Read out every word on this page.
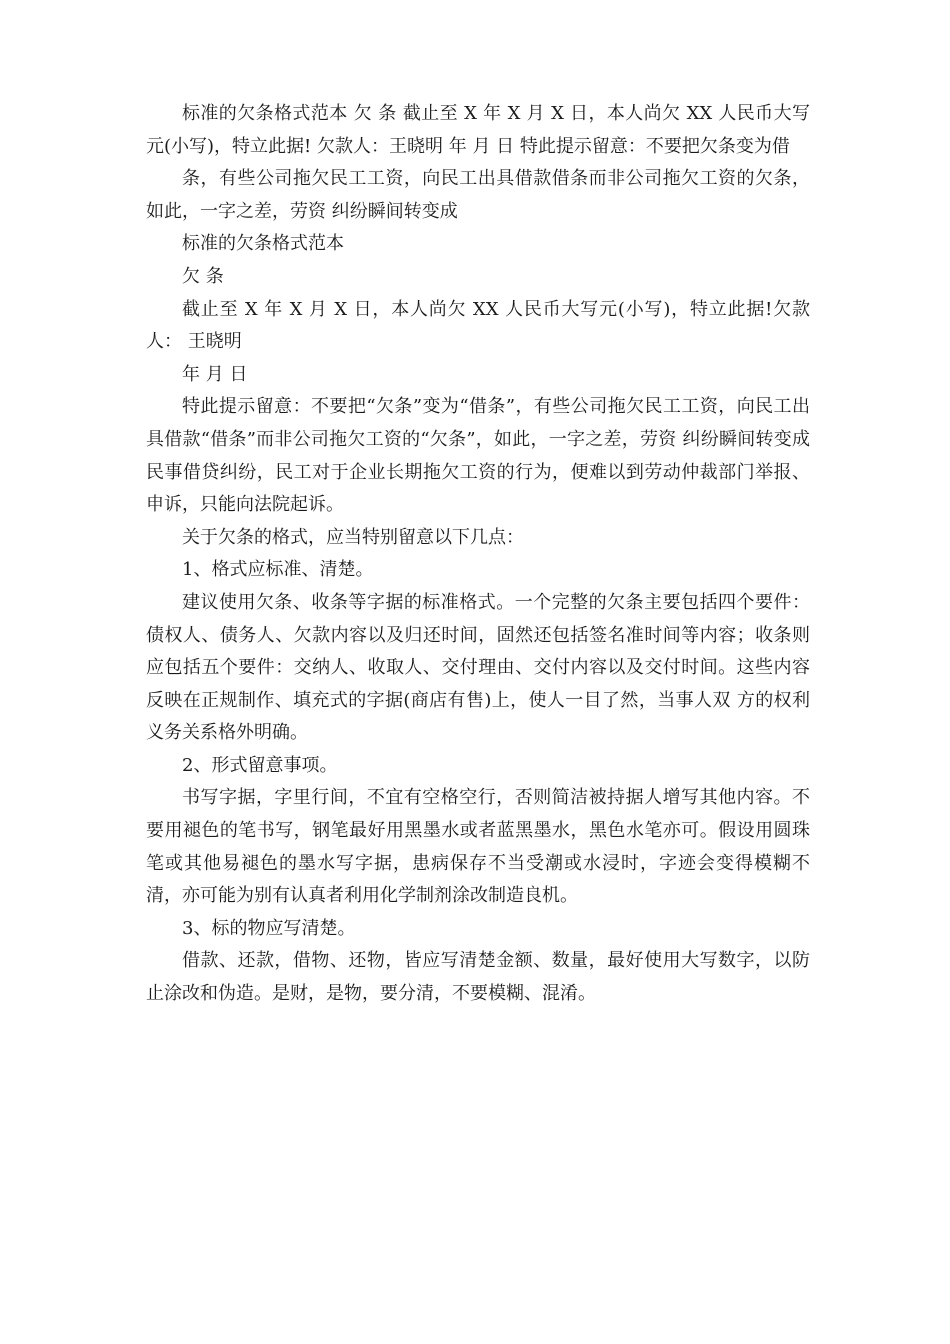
标准的欠条格式范本 欠 条 截止至 X 年 X 月 X 日，本人尚欠 XX 人民币大写元(小写)，特立此据! 欠款人：王晓明 年 月 日 特此提示留意：不要把欠条变为借

条，有些公司拖欠民工工资，向民工出具借款借条而非公司拖欠工资的欠条，如此，一字之差，劳资 纠纷瞬间转变成

标准的欠条格式范本

欠 条

截止至 X 年 X 月 X 日，本人尚欠 XX 人民币大写元(小写)，特立此据!欠款人： 王晓明

年 月 日

特此提示留意：不要把“欠条”变为“借条”，有些公司拖欠民工工资，向民工出具借款“借条”而非公司拖欠工资的“欠条”，如此，一字之差，劳资 纠纷瞬间转变成民事借贷纠纷，民工对于企业长期拖欠工资的行为，便难以到劳动仲裁部门举报、申诉，只能向法院起诉。

关于欠条的格式，应当特别留意以下几点：

1、格式应标准、清楚。

建议使用欠条、收条等字据的标准格式。一个完整的欠条主要包括四个要件：债权人、债务人、欠款内容以及归还时间，固然还包括签名准时间等内容；收条则应包括五个要件：交纳人、收取人、交付理由、交付内容以及交付时间。这些内容反映在正规制作、填充式的字据(商店有售)上，使人一目了然，当事人双 方的权利义务关系格外明确。

2、形式留意事项。

书写字据，字里行间，不宜有空格空行，否则简洁被持据人增写其他内容。不要用褪色的笔书写，钢笔最好用黑墨水或者蓝黑墨水，黑色水笔亦可。假设用圆珠笔或其他易褪色的墨水写字据，患病保存不当受潮或水浸时，字迹会变得模糊不清，亦可能为别有认真者利用化学制剂涂改制造良机。

3、标的物应写清楚。

借款、还款，借物、还物，皆应写清楚金额、数量，最好使用大写数字，以防止涂改和伪造。是财，是物，要分清，不要模糊、混淆。
